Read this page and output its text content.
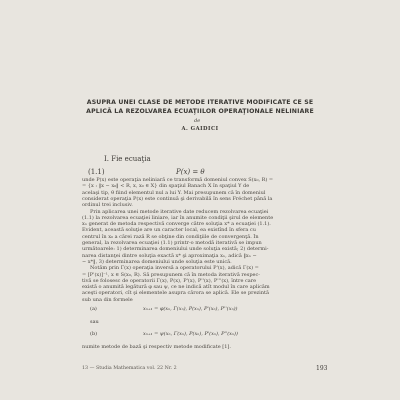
ASUPRA UNEI CLASE DE METODE ITERATIVE MODIFICATE CE SE
APLICĂ LA REZOLVAREA ECUAŢIILOR OPERAŢIONALE NELINIARE
de
A. GAIDICI
I. Fie ecuaţia
(1.1)	P(x) = θ
unde P(x) este operaţia neliniară ce transformă domeniul convex S(x₀, R) =
= {x : ‖x − x₀‖ < R, x, x₀ ∈ X} din spaţiul Banach X în spaţiul Y de
acelaşi tip, θ fiind elementul nul a lui Y. Mai presupunem că în domeniul
considerat operaţia P(x) este continuă şi derivabilă în sens Fréchet până la
ordinul trei inclusiv.
Prin aplicarea unei metode iterative date reducem rezolvarea ecuaţiei
(1.1) la rezolvarea ecuaţiei liniare, iar în anumite condiţii şirul de elemente
xₙ generat de metoda respectivă converge către soluţia x* a ecuaţiei (1.1).
Evident, această soluţie are un caracter local, ea existînd în sfera cu
centrul în x₀ a cărei rază R se obţine din condiţiile de convergenţă. În
general, la rezolvarea ecuaţiei (1.1) printr-o metodă iterativă se impun
următoarele: 1) determinarea domeniului unde soluţia există; 2) determi-
narea distanţei dintre soluţia exactă x* şi aproximaţia xₙ, adică ‖xₙ −
− x*‖, 3) determinarea domeniului unde soluţia este unică.
Notăm prin Γ(x) operaţia inversă a operatorului P'(x), adică Γ(x) =
= [P'(x)]⁻¹, x ∈ S(x₀, R). Să presupunem că în metoda iterativă respec-
tivă se folosesc de operatorii Γ(x), P(x), P'(x), P''(x), P'''(x), între care
există o anumită legătură φ sau ψ, ce ne indică atît modul în care aplicăm
aceşti operatori, cît şi elementele asupra cărora se aplică. Ele se prezintă
sub una din formele
(a)	xₙ₊₁ = φ(xₙ, Γ(xₙ), P(xₙ), P'(xₙ), P''(xₙ))
sau
(b)	xₙ₊₁ = ψ(xₙ, Γ(xₙ), P(xₙ), P'(xₙ), P''(xₙ))
numite metode de bază şi respectiv metode modificate [1].
13 — Studia Mathematica vol. 22 Nr. 2	193
